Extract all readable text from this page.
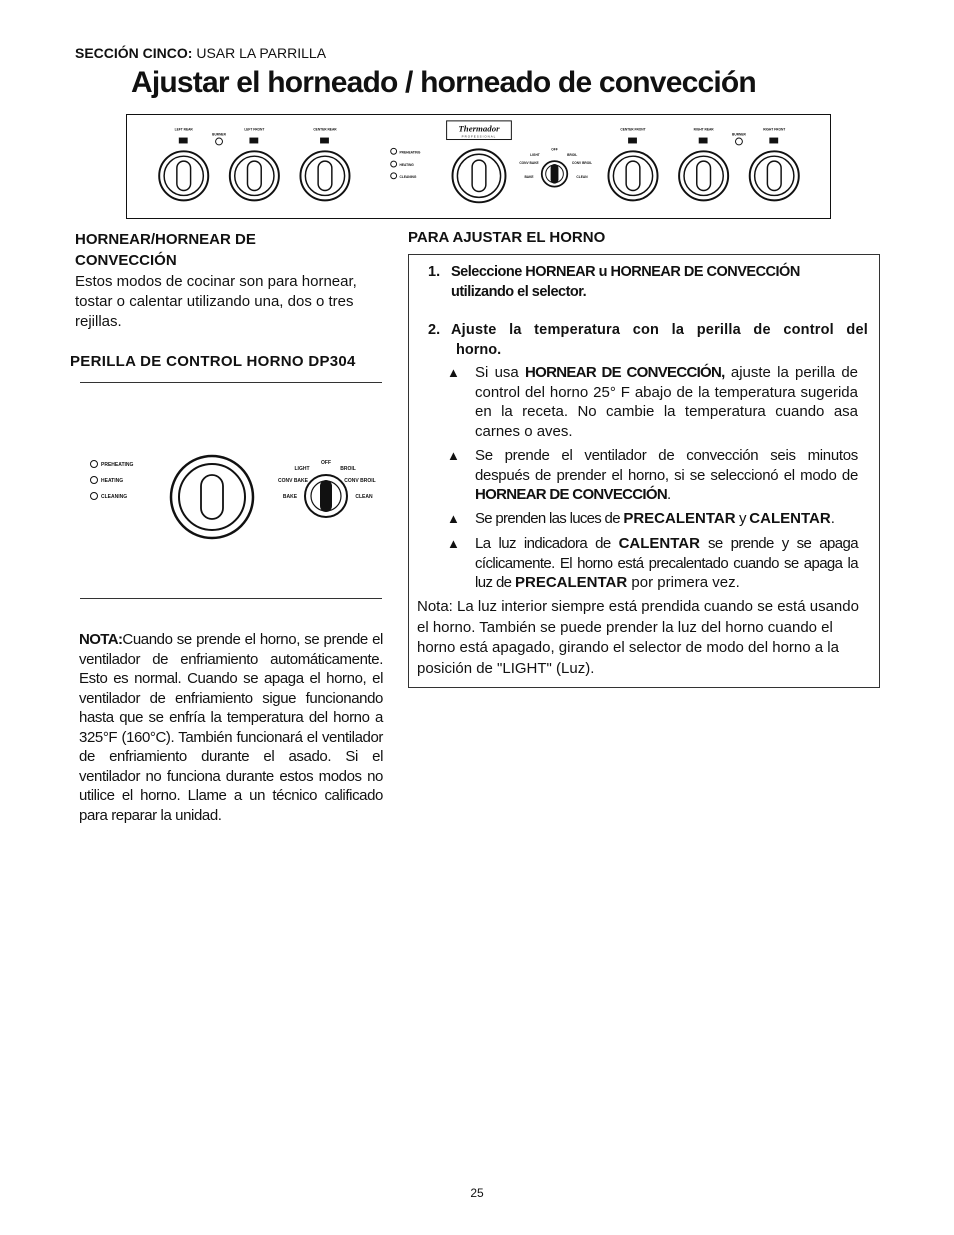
SECCIÓN CINCO: USAR LA PARRILLA
Ajustar el horneado / horneado de convección
LEFT REAR
BURNER
LEFT FRONT	CENTER REAR
PREHEATING
HEATING
CLEANING
Thermador
PROFESSIONAL
LIGHT
OFF
BROIL
CONV BAKE	CONV BROIL
BAKE	CLEAN
CENTER FRONT	RIGHT REAR
BURNER
RIGHT FRONT
HORNEAR/HORNEAR DE
CONVECCIÓN
Estos modos de cocinar son para hornear, tostar o calentar utilizando una, dos o tres rejillas.
PERILLA DE CONTROL HORNO DP304
PREHEATING
HEATING
CLEANING
LIGHT
OFF
BROIL
CONV BAKE	CONV BROIL
BAKE	CLEAN
NOTA:Cuando se prende el horno, se prende el ventilador de enfriamiento automáticamente. Esto es normal. Cuando se apaga el horno, el ventilador de enfriamiento sigue funcionando hasta que se enfría la temperatura del horno a 325°F (160°C). También funcionará el ventilador de enfriamiento durante el asado. Si el ventilador no funciona durante estos modos no utilice el horno. Llame a un técnico calificado para reparar la unidad.
PARA AJUSTAR EL HORNO
1. Seleccione HORNEAR u HORNEAR DE CONVECCIÓN
utilizando el selector.
2. Ajuste la temperatura con la perilla de control del
horno.
▲ Si usa HORNEAR DE CONVECCIÓN, ajuste la perilla de control del horno 25° F abajo de la temperatura sugerida en la receta. No cambie la temperatura cuando asa carnes o aves.
▲ Se prende el ventilador de convección seis minutos después de prender el horno, si se seleccionó el modo de HORNEAR DE CONVECCIÓN.
▲ Se prenden las luces de PRECALENTAR y CALENTAR.
▲ La luz indicadora de CALENTAR se prende y se apaga cíclicamente. El horno está precalentado cuando se apaga la luz de PRECALENTAR por primera vez.
Nota: La luz interior siempre está prendida cuando se está usando el horno. También se puede prender la luz del horno cuando el horno está apagado, girando el selector de modo del horno a la posición de "LIGHT" (Luz).
25
